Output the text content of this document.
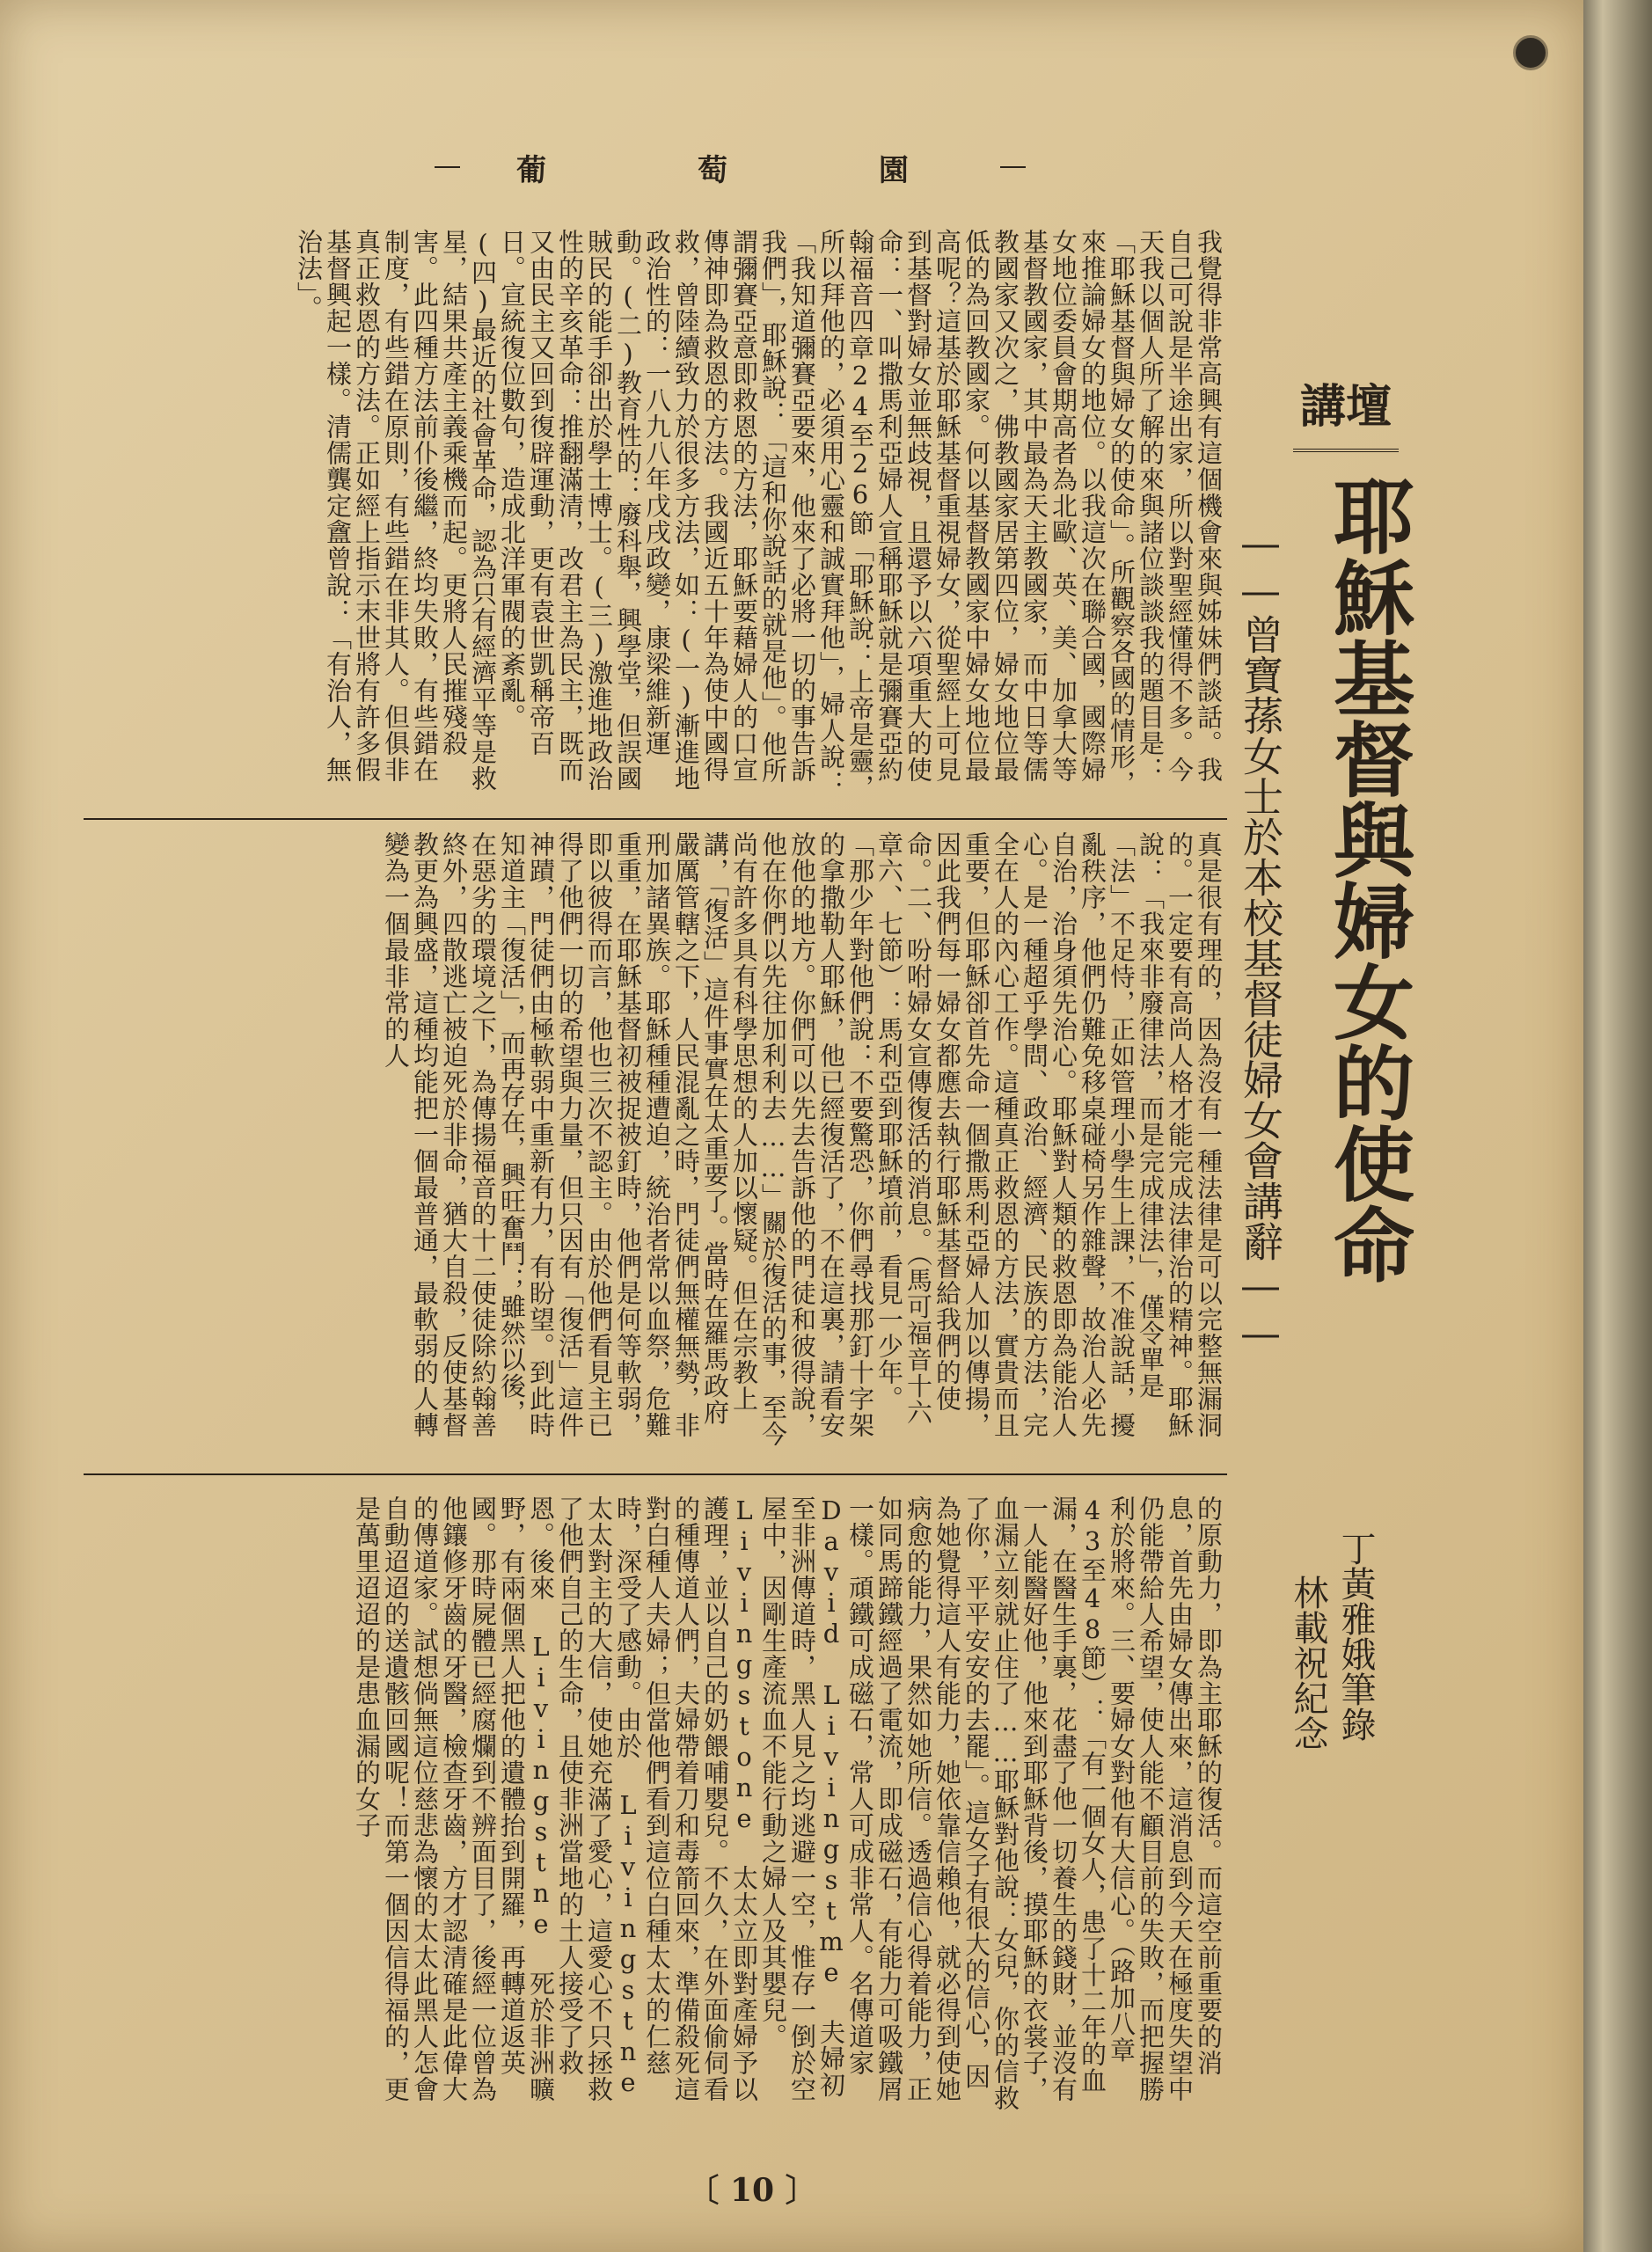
葡 萄 園
講壇
耶穌基督與婦女的使命
——曾寶蓀女士於本校基督徒婦女會講辭——
丁黃雅娥筆錄
林載祝紀念
我覺得非常高興有這個機會來與姊妹們談話。我自己可說是半途出家，所以對聖經懂得不多。今天我以個人所了解的來與諸位談談我的題目是：「耶穌基督與婦女的使命」。所觀察各國的情形，來推論婦女的地位。以我這次在聯合國，國際婦女地位委員會期高者為北歐、英、美、加拿大等基督教國家，其中最為天主教國家，而中日等儒教國家又次之，佛教國家居第四位，婦女地位最低的為回教國家。何以基督教國家中婦女地位最高呢？這基於耶穌基督重視婦女，從聖經上可見到基督對婦女並無歧視，且還予以六項重大的使命：一、叫撒馬利亞婦人宣稱耶穌就是彌賽亞約翰福音四章24至26節「耶穌說：上帝是靈，所以拜他的，必須用心靈和誠實拜他」，婦人說：「我知道彌賽亞要來，他來了必將一切的事告訴我們」，耶穌說：「這和你說話的就是他」。他所謂彌賽亞意即救恩的方法，耶穌要藉婦人的口宣傳神即為救恩的方法。我國近五十年為使中國得救，曾陸續致力於很多方法，如：(一)漸進地政治性的：一八九八年戊戌政變，康梁維新運動。(二)教育性的：廢科舉，興學堂，但誤國賊民的能手卻出於學士博士。(三)激進地政治性的辛亥革命：推翻滿清，改君主為民主，既而又由民主又回到復辟運動，更有袁世凱稱帝百日。宣統復位數句，造成北洋軍閥的紊亂。(四)最近的社會革命，認為只有經濟平等是救星，結果共產主義乘機而起。更將人民摧殘殺害。此四種方法前仆後繼，終均失敗，有些錯在制度，有些錯在原則，有些錯在非其人。但俱非真正救恩的方法。正如經上指示末世將有許多假基督興起一樣。清儒龔定盦曾說：「有治人，無治法」。
真是很有理的，因為沒有一種法律是可以完整無漏洞的。一定要有高尚人格才能完成法律治的精神。耶穌說：「我來非廢律法，而是完成律法」，僅令單是「法」不足恃，正如管理小學生上課，不准說話，擾亂秩序，他們仍難免移桌碰椅另作雜聲，故治人必先自治，治身須先治心。耶穌對人類的救恩即為能治人心。是一種超乎學問、政治、經濟、民族的方法，完全在人的內心工作。這種真正救恩的方法，實貴而且重要，但耶穌卻首先命一個撒馬利亞婦人加以傳揚，因此我們每一婦女都應去執行耶穌基督給我們的使命。二、吩咐婦女宣傳復活的消息。（馬可福音十六章六、七節）：馬利亞到耶穌墳前，看見一少年。「那少年對他們說：不要驚恐，你們尋找那釘十字架的拿撒勒人耶穌，他已經復活了，不在這裏，請看安放他的地方。你們可以先去告訴他的門徒和彼得說，他在你們以先往加利利去……」關於復活的事，至今尚有許多具有科學思想的人加以懷疑。但在宗教上講，「復活」這件事實在太重要了。當時在羅馬政府嚴厲管轄之下，人民混亂之時，門徒們無權無勢，非刑加諸異族。耶穌種種遭迫，統治者常以血祭，危難重重，在耶穌基督初被捉被釘時，他們是何等軟弱，即以彼得而言，他也三次不認主。由於他們看見主已得了他們一切的希望與力量，但只因有「復活」這件神蹟，門徒們由極軟弱中重新有力，有盼望。到此時知道主「復活」，而再存在，興旺奮鬥；雖然以後，在惡劣的環境之下，為傳揚福音的十二使徒除約翰善終外，四散逃亡被迫死於非命，猶大自殺，反使基督教更為興盛，這種均能把一個最普通，最軟弱的人轉變為一個最非常的人
的原動力，即為主耶穌的復活。而這空前重要的消息，首先由婦女傳出來，這消息到今天在極度失望中仍能帶給人希望，使人能不顧目前的失敗，而把握勝利於將來。三、要婦女對他有大信心。（路加八章43至48節）：「有一個女人，患了十二年的血漏，在醫生手裏，花盡了他一切養生的錢財，並沒有一人能醫好他，他來到耶穌背後，摸耶穌的衣裳子，血漏立刻就止住了……耶穌對他說：女兒，你的信救了你，平平安安的去罷」。這女子有很大的信心，因為她覺得這人有能力，她依靠信賴他，就必得到使她病愈的能力，果然如她所信。透過信心得着能力，正如同馬蹄鐵經過了電流，即成磁石，有能力可吸鐵屑一樣。頑鐵可成磁石，常人可成非常人。名傳道家 David Livingstme 夫婦初至非洲傳道時，黑人見之均逃避一空，惟存一倒於空屋中，因剛生產流血不能行動之婦人及其嬰兒。Livingstone 太太立即對產婦予以護理，並以自己的奶餵哺嬰兒。不久，在外面偷伺看的種傳道人們，夫婦帶着刀和毒箭回來，準備殺死這對白種人夫婦；但當他們看到這位白種太太的仁慈時，深受了感動。由於 Livingstne 太太對主的大信，使她充滿了愛心，這愛心不只拯救了他們自己的生命，且使非洲當地的土人接受了救恩。後來 Livingstne 死於非洲曠野，有兩個黑人把他的遺體抬到開羅，再轉道返英國。那時屍體已經腐爛到不辨面目了，後經一位曾為他鑲修牙齒的牙醫，檢查牙齒，方才認清確是此偉大的傳道家。試想倘無這位慈悲為懷的太太此黑人怎會自動迢迢的送遺骸回國呢！而第一個因信得福的，更是萬里迢迢的是患血漏的女子
〔 10 〕
